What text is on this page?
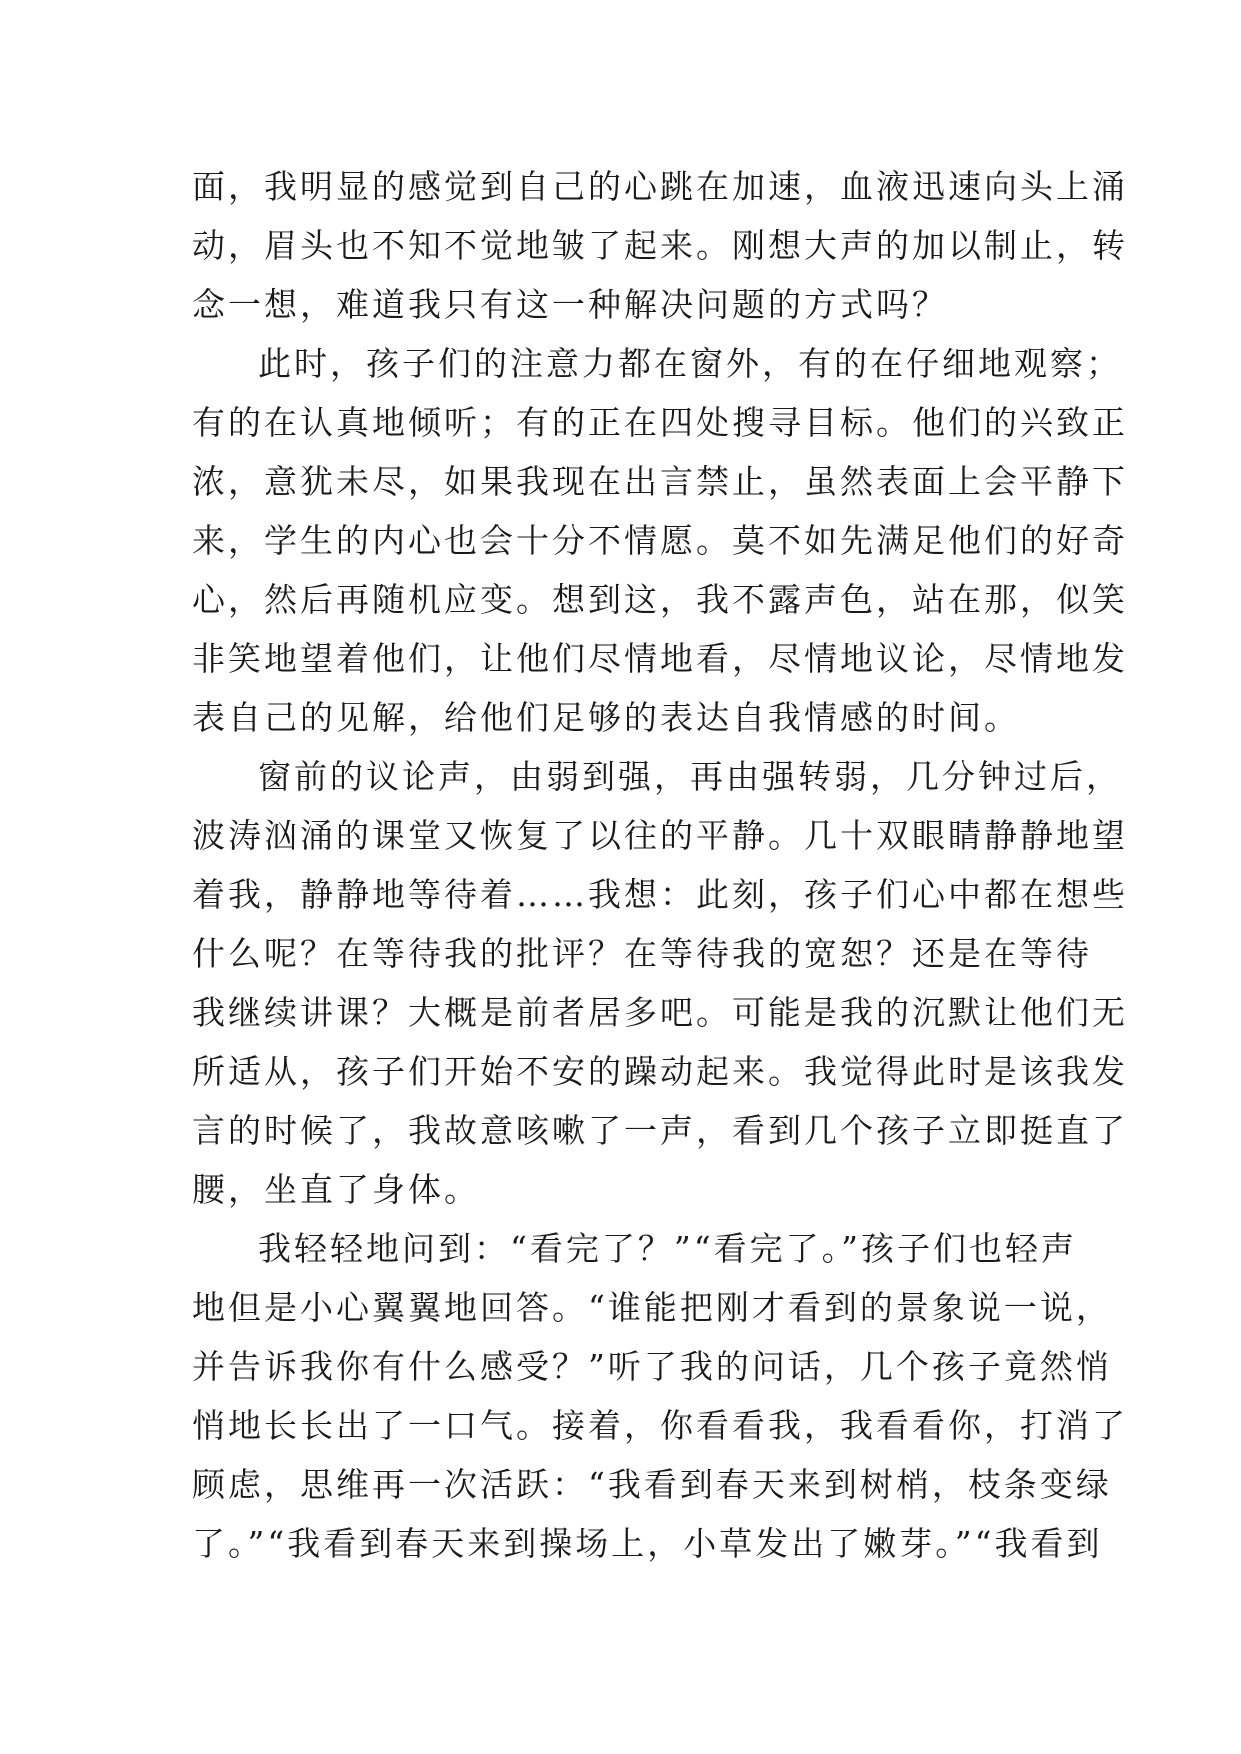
面，我明显的感觉到自己的心跳在加速，血液迅速向头上涌
动，眉头也不知不觉地皱了起来。刚想大声的加以制止，转
念一想，难道我只有这一种解决问题的方式吗？

此时，孩子们的注意力都在窗外，有的在仔细地观察；
有的在认真地倾听；有的正在四处搜寻目标。他们的兴致正
浓，意犹未尽，如果我现在出言禁止，虽然表面上会平静下
来，学生的内心也会十分不情愿。莫不如先满足他们的好奇
心，然后再随机应变。想到这，我不露声色，站在那，似笑
非笑地望着他们，让他们尽情地看，尽情地议论，尽情地发
表自己的见解，给他们足够的表达自我情感的时间。

窗前的议论声，由弱到强，再由强转弱，几分钟过后，
波涛汹涌的课堂又恢复了以往的平静。几十双眼睛静静地望
着我，静静地等待着……我想：此刻，孩子们心中都在想些
什么呢？在等待我的批评？在等待我的宽恕？还是在等待
我继续讲课？大概是前者居多吧。可能是我的沉默让他们无
所适从，孩子们开始不安的躁动起来。我觉得此时是该我发
言的时候了，我故意咳嗽了一声，看到几个孩子立即挺直了
腰，坐直了身体。

我轻轻地问到：“看完了？”“看完了。”孩子们也轻声
地但是小心翼翼地回答。“谁能把刚才看到的景象说一说，
并告诉我你有什么感受？”听了我的问话，几个孩子竟然悄
悄地长长出了一口气。接着，你看看我，我看看你，打消了
顾虑，思维再一次活跃：“我看到春天来到树梢，枝条变绿
了。”“我看到春天来到操场上，小草发出了嫩芽。”“我看到
